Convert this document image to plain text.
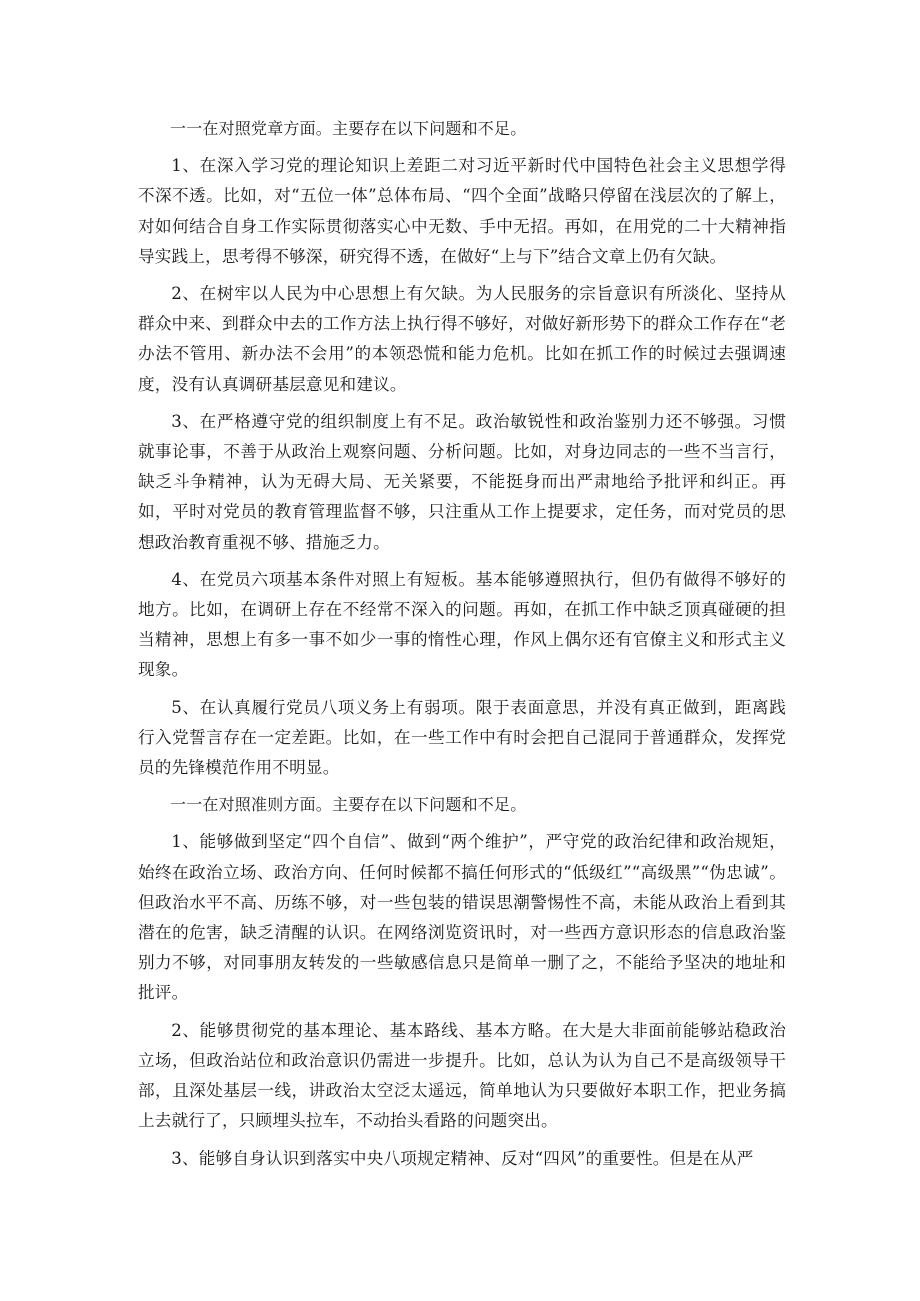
一一在对照党章方面。主要存在以下问题和不足。

1、在深入学习党的理论知识上差距二对习近平新时代中国特色社会主义思想学得不深不透。比如，对“五位一体”总体布局、“四个全面”战略只停留在浅层次的了解上，对如何结合自身工作实际贯彻落实心中无数、手中无招。再如，在用党的二十大精神指导实践上，思考得不够深，研究得不透，在做好“上与下”结合文章上仍有欠缺。

2、在树牢以人民为中心思想上有欠缺。为人民服务的宗旨意识有所淡化、坚持从群众中来、到群众中去的工作方法上执行得不够好，对做好新形势下的群众工作存在“老办法不管用、新办法不会用”的本领恐慌和能力危机。比如在抓工作的时候过去强调速度，没有认真调研基层意见和建议。

3、在严格遵守党的组织制度上有不足。政治敏锐性和政治鉴别力还不够强。习惯就事论事，不善于从政治上观察问题、分析问题。比如，对身边同志的一些不当言行，缺乏斗争精神，认为无碍大局、无关紧要，不能挺身而出严肃地给予批评和纠正。再如，平时对党员的教育管理监督不够，只注重从工作上提要求，定任务，而对党员的思想政治教育重视不够、措施乏力。

4、在党员六项基本条件对照上有短板。基本能够遵照执行，但仍有做得不够好的地方。比如，在调研上存在不经常不深入的问题。再如，在抓工作中缺乏顶真碰硬的担当精神，思想上有多一事不如少一事的惰性心理，作风上偶尔还有官僚主义和形式主义现象。

5、在认真履行党员八项义务上有弱项。限于表面意思，并没有真正做到，距离践行入党誓言存在一定差距。比如，在一些工作中有时会把自己混同于普通群众，发挥党员的先锋模范作用不明显。

一一在对照准则方面。主要存在以下问题和不足。

1、能够做到坚定“四个自信”、做到“两个维护”，严守党的政治纪律和政治规矩，始终在政治立场、政治方向、任何时候都不搞任何形式的“低级红”“高级黑”“伪忠诚”。但政治水平不高、历练不够，对一些包装的错误思潮警惕性不高，未能从政治上看到其潜在的危害，缺乏清醒的认识。在网络浏览资讯时，对一些西方意识形态的信息政治鉴别力不够，对同事朋友转发的一些敏感信息只是简单一删了之，不能给予坚决的地址和批评。

2、能够贯彻党的基本理论、基本路线、基本方略。在大是大非面前能够站稳政治立场，但政治站位和政治意识仍需进一步提升。比如，总认为认为自己不是高级领导干部，且深处基层一线，讲政治太空泛太遥远，简单地认为只要做好本职工作，把业务搞上去就行了，只顾埋头拉车，不动抬头看路的问题突出。

3、能够自身认识到落实中央八项规定精神、反对“四风”的重要性。但是在从严
